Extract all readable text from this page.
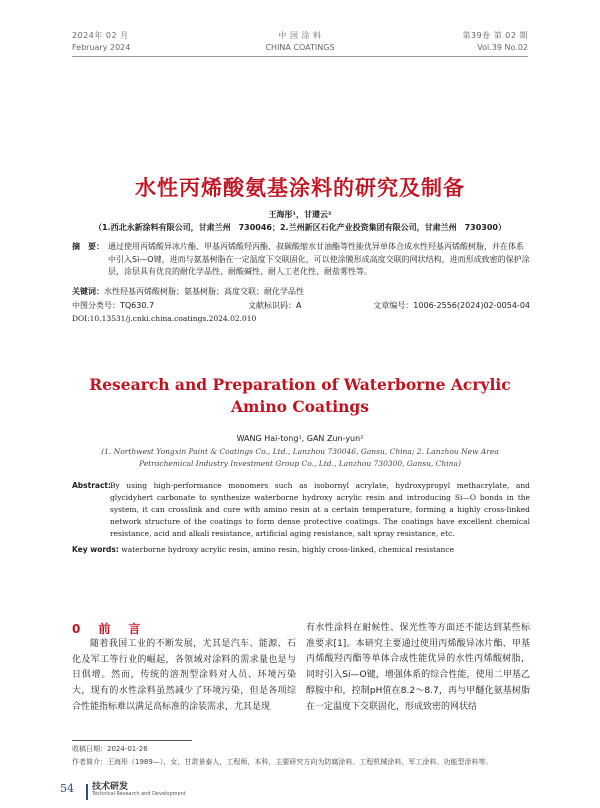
2024年 02 月
February 2024
中 国 涂 料
CHINA COATINGS
第39卷 第 02 期
Vol.39 No.02
水性丙烯酸氨基涂料的研究及制备
王海彤¹，甘遵云²
（1.西北永新涂料有限公司，甘肃兰州　730046；2.兰州新区石化产业投资集团有限公司，甘肃兰州　730300）
摘　要： 通过使用丙烯酸异冰片酯、甲基丙烯酸羟丙酯、叔碳酸缩水甘油酯等性能优异单体合成水性羟基丙烯酸树脂，并在体系中引入Si—O键，进而与氨基树脂在一定温度下交联固化，可以使涂膜形成高度交联的网状结构，进而形成致密的保护涂层，涂层具有优良的耐化学品性、耐酸碱性、耐人工老化性、耐盐雾性等。
关键词：水性羟基丙烯酸树脂；氨基树脂；高度交联；耐化学品性
中图分类号：TQ630.7	文献标识码：A	文章编号：1006-2556(2024)02-0054-04
DOI:10.13531/j.cnki.china.coatings.2024.02.010
Research and Preparation of Waterborne Acrylic Amino Coatings
WANG Hai-tong¹, GAN Zun-yun²
(1. Northwest Yongxin Paint & Coatings Co., Ltd., Lanzhou 730046, Gansu, China; 2. Lanzhou New Area Petrochemical Industry Investment Group Co., Ltd., Lanzhou 730300, Gansu, China)
Abstract:
By using high-performance monomers such as isobornyl acrylate, hydroxypropyl methacrylate, and glycidyhert carbonate to synthesize waterborne hydroxy acrylic resin and introducing Si—O bonds in the system, it can crosslink and cure with amino resin at a certain temperature, forming a highly cross-linked network structure of the coatings to form dense protective coatings. The coatings have excellent chemical resistance, acid and alkali resistance, artificial aging resistance, salt spray resistance, etc.
Key words: waterborne hydroxy acrylic resin, amino resin, highly cross-linked, chemical resistance
0　前　言
随着我国工业的不断发展，尤其是汽车、能源、石化及军工等行业的崛起，各领域对涂料的需求量也是与日俱增。然而，传统的溶剂型涂料对人员、环境污染大，现有的水性涂料虽然减少了环境污染，但是各项综合性能指标难以满足高标准的涂装需求，尤其是现
有水性涂料在耐候性、保光性等方面还不能达到某些标准要求[1]。本研究主要通过使用丙烯酸异冰片酯、甲基丙烯酸羟丙酯等单体合成性能优异的水性丙烯酸树脂，同时引入Si—O键，增强体系的综合性能，使用二甲基乙醇胺中和，控制pH值在8.2～8.7，再与甲醚化氨基树脂在一定温度下交联固化，形成致密的网状结
收稿日期：2024-01-26
作者简介：王海彤（1989—），女，甘肃景泰人，工程师，本科，主要研究方向为防腐涂料、工程机械涂料、军工涂料、功能型涂料等。
54 技术研发
Technical Research and Development
